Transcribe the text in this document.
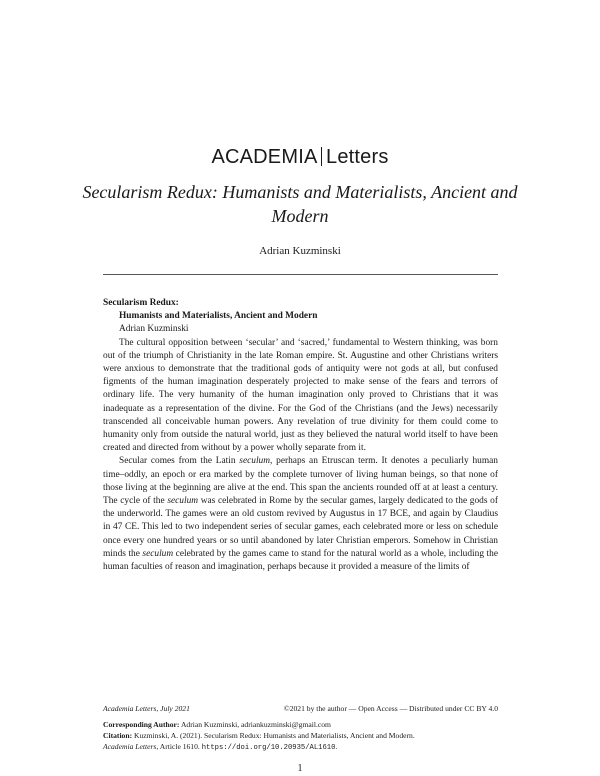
ACADEMIA Letters
Secularism Redux: Humanists and Materialists, Ancient and Modern
Adrian Kuzminski

Secularism Redux:

Humanists and Materialists, Ancient and Modern

Adrian Kuzminski

The cultural opposition between ‘secular’ and ‘sacred,’ fundamental to Western thinking, was born out of the triumph of Christianity in the late Roman empire. St. Augustine and other Christians writers were anxious to demonstrate that the traditional gods of antiquity were not gods at all, but confused figments of the human imagination desperately projected to make sense of the fears and terrors of ordinary life. The very humanity of the human imagination only proved to Christians that it was inadequate as a representation of the divine. For the God of the Christians (and the Jews) necessarily transcended all conceivable human powers. Any revelation of true divinity for them could come to humanity only from outside the natural world, just as they believed the natural world itself to have been created and directed from without by a power wholly separate from it.

Secular comes from the Latin seculum, perhaps an Etruscan term. It denotes a peculiarly human time–oddly, an epoch or era marked by the complete turnover of living human beings, so that none of those living at the beginning are alive at the end. This span the ancients rounded off at at least a century. The cycle of the seculum was celebrated in Rome by the secular games, largely dedicated to the gods of the underworld. The games were an old custom revived by Augustus in 17 BCE, and again by Claudius in 47 CE. This led to two independent series of secular games, each celebrated more or less on schedule once every one hundred years or so until abandoned by later Christian emperors. Somehow in Christian minds the seculum celebrated by the games came to stand for the natural world as a whole, including the human faculties of reason and imagination, perhaps because it provided a measure of the limits of

Academia Letters, July 2021	©2021 by the author — Open Access — Distributed under CC BY 4.0
Corresponding Author: Adrian Kuzminski, adriankuzminski@gmail.com
Citation: Kuzminski, A. (2021). Secularism Redux: Humanists and Materialists, Ancient and Modern.
Academia Letters, Article 1610. https://doi.org/10.20935/AL1610.
1
